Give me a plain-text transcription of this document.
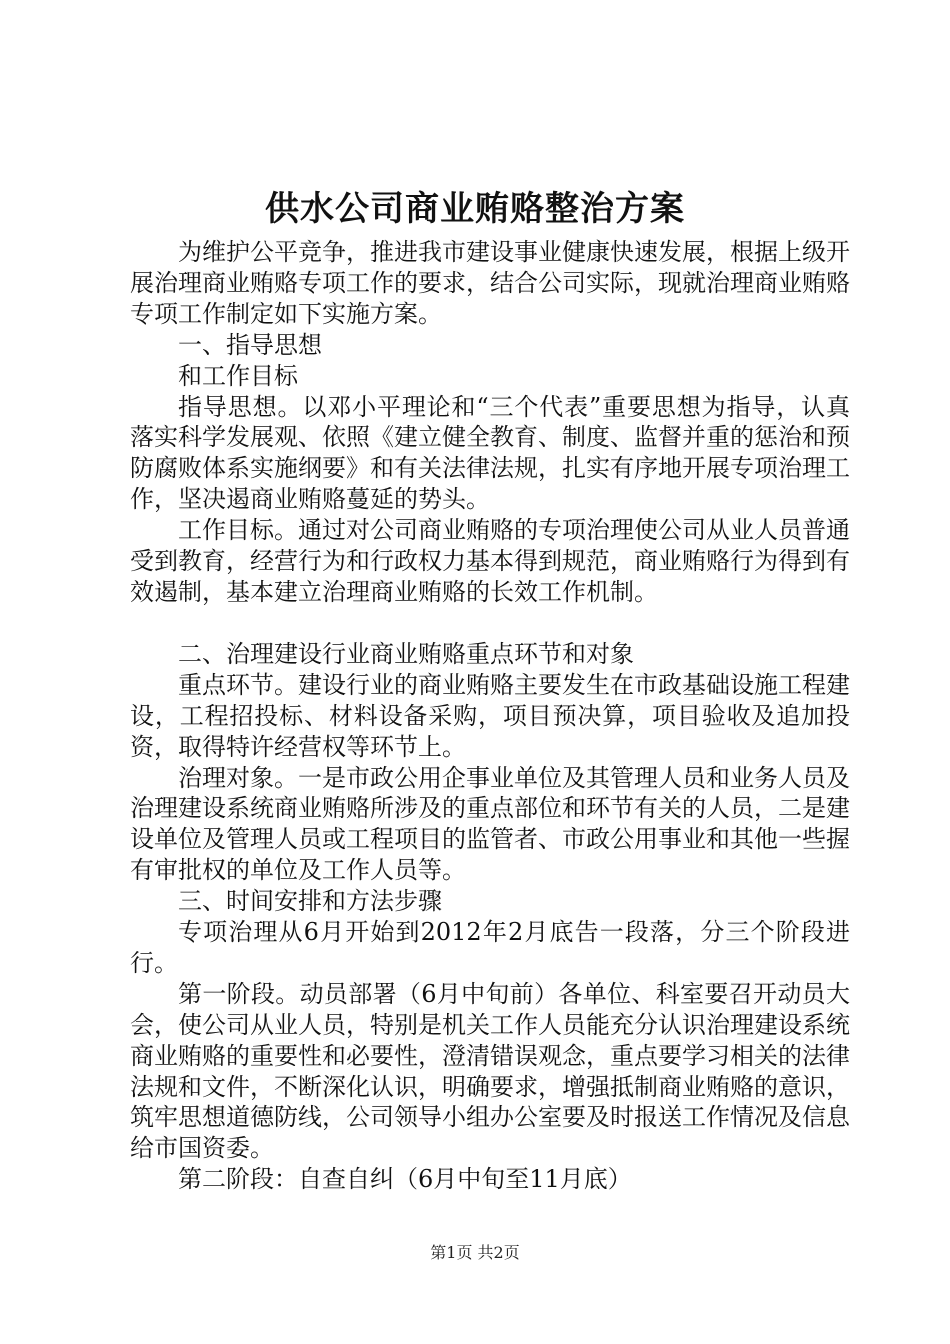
供水公司商业贿赂整治方案

为维护公平竞争，推进我市建设事业健康快速发展，根据上级开展治理商业贿赂专项工作的要求，结合公司实际，现就治理商业贿赂专项工作制定如下实施方案。

一、指导思想

和工作目标

指导思想。以邓小平理论和“三个代表”重要思想为指导，认真落实科学发展观、依照《建立健全教育、制度、监督并重的惩治和预防腐败体系实施纲要》和有关法律法规，扎实有序地开展专项治理工作，坚决遏商业贿赂蔓延的势头。

工作目标。通过对公司商业贿赂的专项治理使公司从业人员普通受到教育，经营行为和行政权力基本得到规范，商业贿赂行为得到有效遏制，基本建立治理商业贿赂的长效工作机制。

二、治理建设行业商业贿赂重点环节和对象

重点环节。建设行业的商业贿赂主要发生在市政基础设施工程建设，工程招投标、材料设备采购，项目预决算，项目验收及追加投资，取得特许经营权等环节上。

治理对象。一是市政公用企事业单位及其管理人员和业务人员及治理建设系统商业贿赂所涉及的重点部位和环节有关的人员，二是建设单位及管理人员或工程项目的监管者、市政公用事业和其他一些握有审批权的单位及工作人员等。

三、时间安排和方法步骤

专项治理从6月开始到2012年2月底告一段落，分三个阶段进行。

第一阶段。动员部署（6月中旬前）各单位、科室要召开动员大会，使公司从业人员，特别是机关工作人员能充分认识治理建设系统商业贿赂的重要性和必要性，澄清错误观念，重点要学习相关的法律法规和文件，不断深化认识，明确要求，增强抵制商业贿赂的意识，筑牢思想道德防线，公司领导小组办公室要及时报送工作情况及信息给市国资委。

第二阶段：自查自纠（6月中旬至11月底）

第1页 共2页
